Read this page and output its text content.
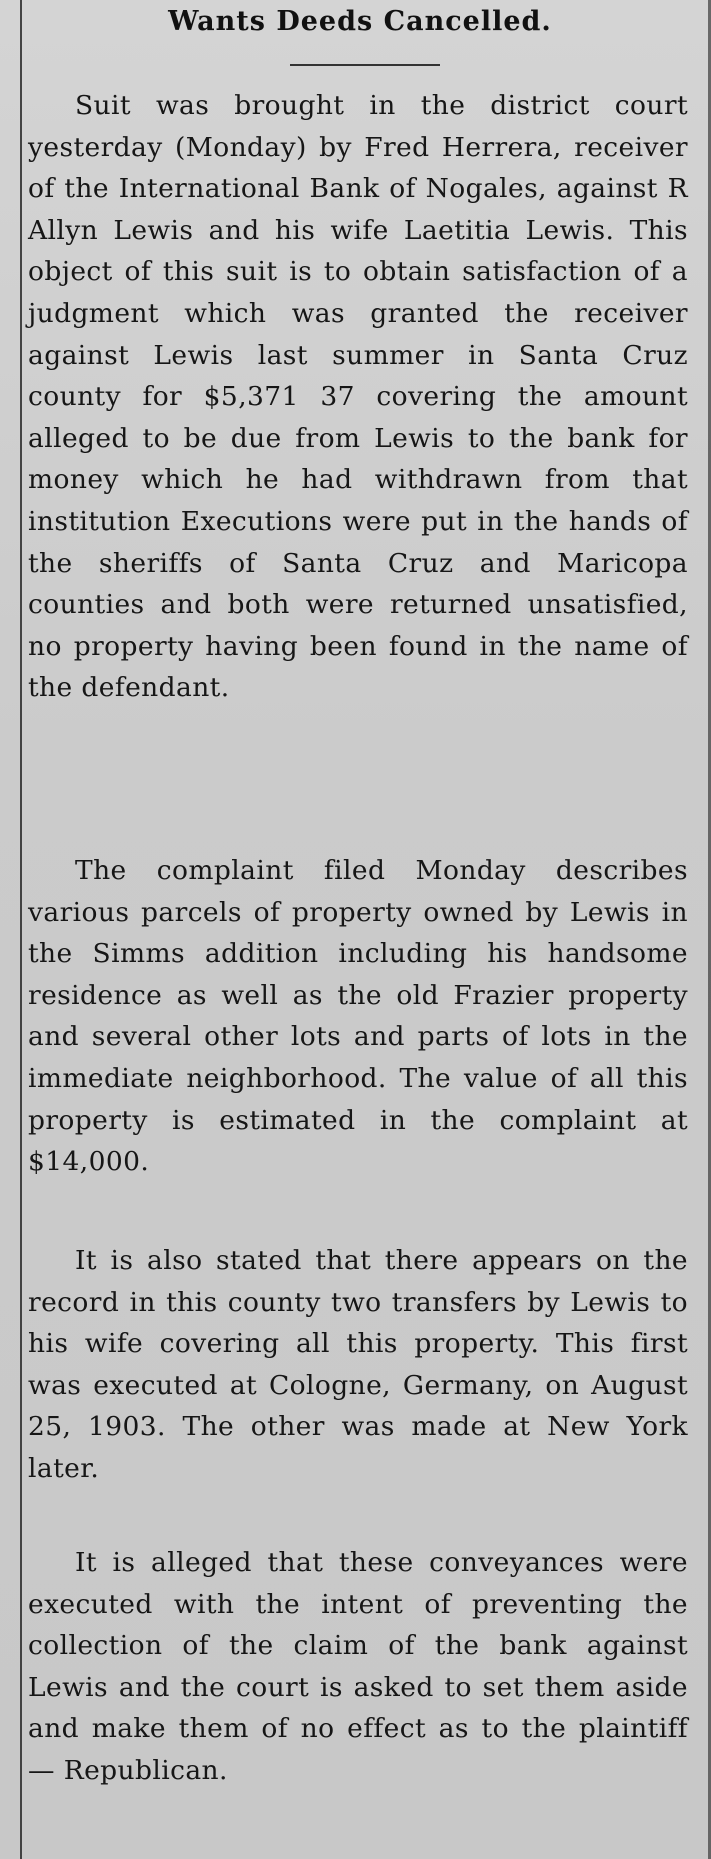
Wants Deeds Cancelled.
Suit was brought in the district court yesterday (Monday) by Fred Herrera, receiver of the International Bank of Nogales, against R Allyn Lewis and his wife Laetitia Lewis. This object of this suit is to obtain satisfaction of a judgment which was granted the receiver against Lewis last summer in Santa Cruz county for $5,371 37 covering the amount alleged to be due from Lewis to the bank for money which he had withdrawn from that institution Executions were put in the hands of the sheriffs of Santa Cruz and Maricopa counties and both were returned unsatisfied, no property having been found in the name of the defendant.
The complaint filed Monday describes various parcels of property owned by Lewis in the Simms addition including his handsome residence as well as the old Frazier property and several other lots and parts of lots in the immediate neighborhood. The value of all this property is estimated in the complaint at $14,000.
It is also stated that there appears on the record in this county two transfers by Lewis to his wife covering all this property. This first was executed at Cologne, Germany, on August 25, 1903. The other was made at New York later.
It is alleged that these conveyances were executed with the intent of preventing the collection of the claim of the bank against Lewis and the court is asked to set them aside and make them of no effect as to the plaintiff — Republican.
